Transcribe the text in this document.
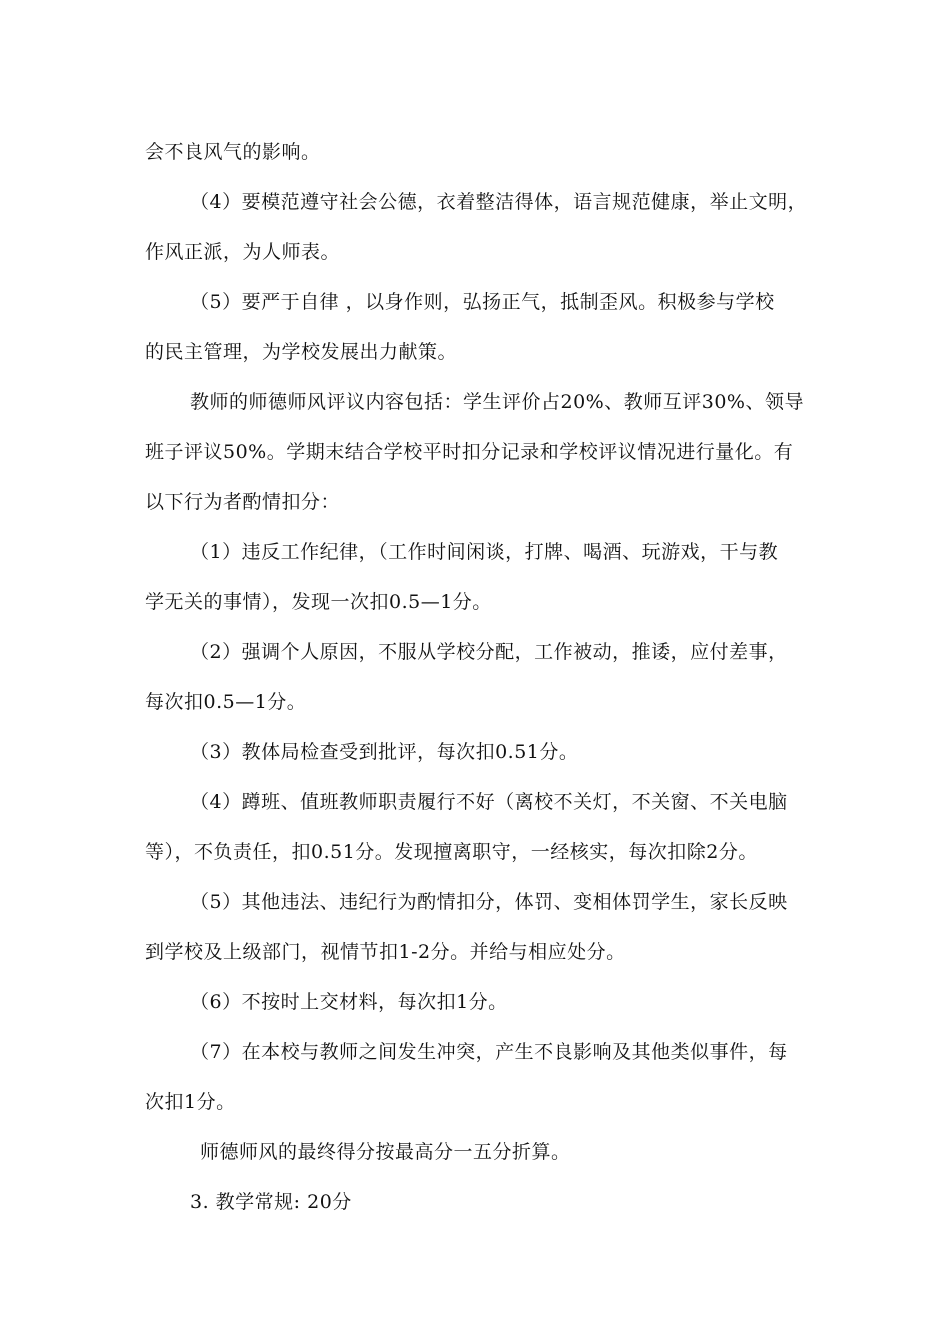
会不良风气的影响。
（4）要模范遵守社会公德，衣着整洁得体，语言规范健康，举止文明，
作风正派，为人师表。
（5）要严于自律 ，以身作则，弘扬正气，抵制歪风。积极参与学校
的民主管理，为学校发展出力献策。
教师的师德师风评议内容包括：学生评价占20%、教师互评30%、领导
班子评议50%。学期末结合学校平时扣分记录和学校评议情况进行量化。有
以下行为者酌情扣分：
（1）违反工作纪律，（工作时间闲谈，打牌、喝酒、玩游戏，干与教
学无关的事情），发现一次扣0.5—1分。
（2）强调个人原因，不服从学校分配，工作被动，推诿，应付差事，
每次扣0.5—1分。
（3）教体局检查受到批评，每次扣0.51分。
（4）蹲班、值班教师职责履行不好（离校不关灯，不关窗、不关电脑
等），不负责任，扣0.51分。发现擅离职守，一经核实，每次扣除2分。
（5）其他违法、违纪行为酌情扣分，体罚、变相体罚学生，家长反映
到学校及上级部门，视情节扣1-2分。并给与相应处分。
（6）不按时上交材料，每次扣1分。
（7）在本校与教师之间发生冲突，产生不良影响及其他类似事件，每
次扣1分。
师德师风的最终得分按最高分一五分折算。
3. 教学常规: 20分
